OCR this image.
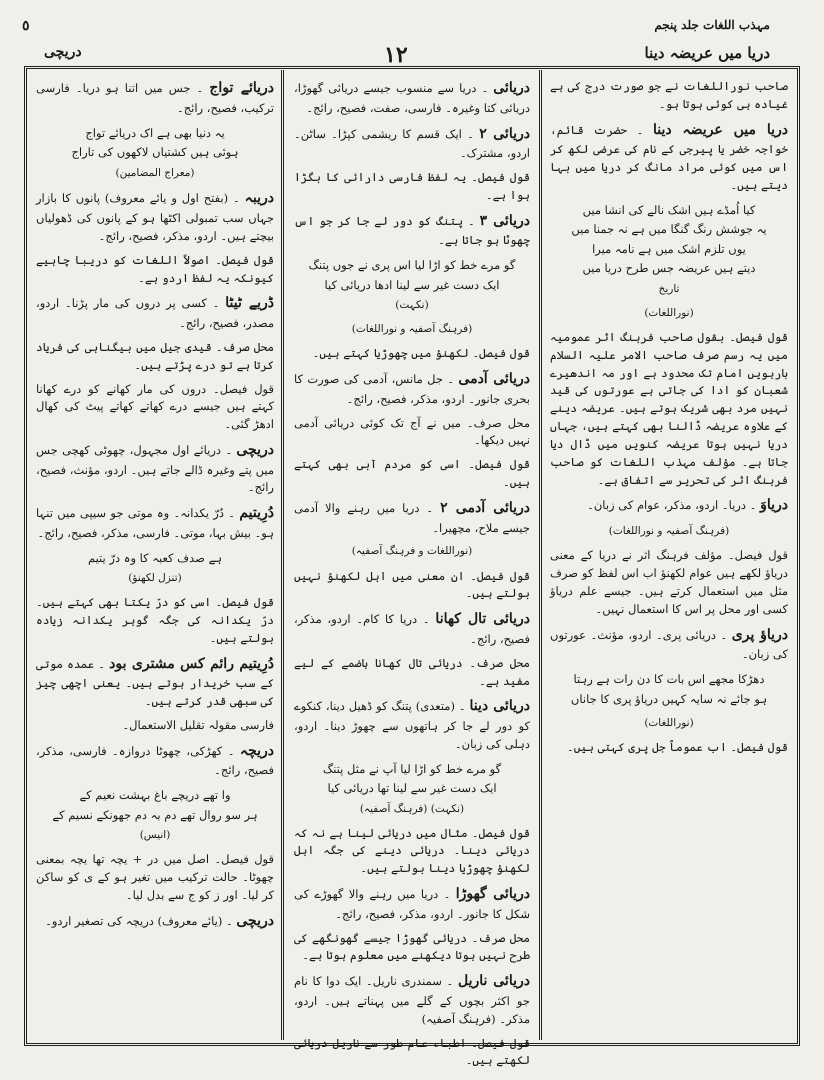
٥	مہذب اللغات جلد پنجم
١٢	دریا میں عریضہ دینا
دریچی

صاحب نوراللغات نے جو صورت درج کی ہے غیادہ ہی کوئی ہوتا ہو۔

دریا میں عریضہ دینا ۔ حضرت قائم، خواجہ خضر یا پیرجی کے نام کی عرضی لکھ کر اس میں کوئی مراد مانگ کر دریا میں بہا دیتے ہیں۔

کیا اُمڈے ہیں اشک نالے کی انشا میں
یہ جوشش رنگ گنگا میں ہے نہ جمنا میں
یوں تلزم اشک میں ہے نامہ میرا
دیتے ہیں عریضہ جس طرح دریا میں
تاریخ
(نوراللغات)

قول فیصل۔ بقول صاحب فرہنگ اثر عمومیہ میں یہ رسم صرف صاحب الامر علیہ السلام بارہویں امام تک محدود ہے اور مہ اندھیرے شعبان کو ادا کی جاتی ہے عورتوں کی قید نہیں مرد بھی شریک ہوتے ہیں۔ عریضہ دینے کے علاوہ عریضہ ڈالنا بھی کہتے ہیں، جہاں دریا نہیں ہوتا عریضہ کنویں میں ڈال دیا جاتا ہے۔ مؤلف مہذب اللغات کو صاحب فرہنگ اثر کی تحریر سے اتفاق ہے۔

دریاوَ ۔ دریا۔ اردو، مذکر، عوام کی زبان۔

(فرہنگ آصفیہ و نوراللغات)

قول فیصل۔ مؤلف فرہنگ اثر نے دریا کے معنی دریاؤ لکھے ہیں عوام لکھنؤ اب اس لفظ کو صرف مثل میں استعمال کرتے ہیں۔ جیسے علم دریاؤ کسی اور محل پر اس کا استعمال نہیں۔

دریاؤ پری ۔ دریائی پری۔ اردو، مؤنث۔ عورتوں کی زبان۔

دھڑکا مجھے اس بات کا دن رات ہے رہتا
ہو جائے نہ سایہ کہیں دریاؤ پری کا جاناں
(نوراللغات)

قول فیصل۔ اب عموماً جل پری کہتی ہیں۔

دریائی ۔ دریا سے منسوب جیسے دریائی گھوڑا، دریائی کتا وغیرہ۔ فارسی، صفت، فصیح، رائج۔

دریائی ٢ ۔ ایک قسم کا ریشمی کپڑا۔ ساٹن۔ اردو، مشترک۔

قول فیصل۔ یہ لفظ فارسی دارائی کا بگڑا ہوا ہے۔

دریائی ٣ ۔ پتنگ کو دور لے جا کر جو اس چھوٹا ہو جاتا ہے۔

گو مرے خط کو اڑا لیا اس پری نے جوں پتنگ
ایک دست غیر سے لینا ادھا دریائی کیا
(نکہت)
(فرہنگ آصفیہ و نوراللغات)

قول فیصل۔ لکھنؤ میں چھوڑیا کہتے ہیں۔

دریائی آدمی ۔ جل مانس، آدمی کی صورت کا بحری جانور۔ اردو، مذکر، فصیح، رائج۔

محل صرف۔ میں نے آج تک کوئی دریائی آدمی نہیں دیکھا۔

قول فیصل۔ اسی کو مردم آبی بھی کہتے ہیں۔

دریائی آدمی ٢ ۔ دریا میں رہنے والا آدمی جیسے ملاح، مچھیرا۔

(نوراللغات و فرہنگ آصفیہ)

قول فیصل۔ ان معنی میں اہل لکھنؤ نہیں بولتے ہیں۔

دریائی تال کھانا ۔ دریا کا کام۔ اردو، مذکر، فصیح، رائج۔

محل صرف۔ دریائی تال کھانا ہاضمے کے لیے مفید ہے۔

دریائی دینا ۔ (متعدی) پتنگ کو ڈھیل دینا، کنکوے کو دور لے جا کر ہاتھوں سے چھوڑ دینا۔ اردو، دہلی کی زبان۔

گو مرے خط کو اڑا لیا آپ نے مثل پتنگ
ایک دست غیر سے لینا تھا دریائی کیا
(نکہت) (فرہنگ آصفیہ)

قول فیصل۔ مثال میں دریائی لینا ہے نہ کہ دریائی دینا۔ دریائی دینے کی جگہ اہل لکھنؤ چھوڑیا دینا بولتے ہیں۔

دریائی گھوڑا ۔ دریا میں رہنے والا گھوڑے کی شکل کا جانور۔ اردو، مذکر، فصیح، رائج۔

محل صرف۔ دریائی گھوڑا جیسے گھونگھے کی طرح نہیں ہوتا دیکھنے میں معلوم ہوتا ہے۔

دریائی ناریل ۔ سمندری ناریل۔ ایک دوا کا نام جو اکثر بچوں کے گلے میں پہناتے ہیں۔ اردو، مذکر۔ (فرہنگ آصفیہ)

قول فیصل۔ اطباء عام طور سے ناریل دریائی لکھتے ہیں۔

دریائے تواج ۔ جس میں اتنا ہو دریا۔ فارسی ترکیب، فصیح، رائج۔

یہ دنیا بھی ہے اک دریائے تواج
ہوئی ہیں کشتیاں لاکھوں کی تاراج
(معراج المضامین)

دریبہ ۔ (بفتح اول و یائے معروف) پانوں کا بازار جہاں سب تمبولی اکٹھا ہو کے پانوں کی ڈھولیاں بیچتے ہیں۔ اردو، مذکر، فصیح، رائج۔

قول فیصل۔ اصولاً اللغات کو دریبا چاہیے کیونکہ یہ لفظ اردو ہے۔

ڈریے ٹیٹا ۔ کسی پر دروں کی مار پڑنا۔ اردو، مصدر، فصیح، رائج۔

محل صرف۔ قیدی جیل میں بیگناہی کی فریاد کرتا ہے تو درے پڑتے ہیں۔

قول فیصل۔ دروں کی مار کھانے کو درے کھانا کہتے ہیں جیسے درے کھاتے کھاتے پیٹ کی کھال ادھڑ گئی۔

دریچی ۔ دریائے اول مجہول، چھوٹی کھچی جس میں پتے وغیرہ ڈالے جاتے ہیں۔ اردو، مؤنث، فصیح، رائج۔

دُرِیتیم ۔ دُرّ یکدانہ۔ وہ موتی جو سیپی میں تنہا ہو۔ بیش بہا، موتی۔ فارسی، مذکر، فصیح، رائج۔

ہے صدف کعبہ کا وہ درّ یتیم
(تنزل لکھنؤ)

قول فیصل۔ اسی کو درّ یکتا بھی کہتے ہیں۔ درّ یکدانہ کی جگہ گوہر یکدانہ زیادہ بولتے ہیں۔

دُرِیتیم رائم کس مشتری بود ۔ عمدہ موتی کے سب خریدار ہوتے ہیں۔ یعنی اچھی چیز کی سبھی قدر کرتے ہیں۔

فارسی مقولہ تقلیل الاستعمال۔

دریچہ ۔ کھڑکی، چھوٹا دروازہ۔ فارسی، مذکر، فصیح، رائج۔

وا تھے دریچے باغ بہشت نعیم کے
ہر سو روال تھے دم بہ دم جھونکے نسیم کے
(انیس)

قول فیصل۔ اصل میں در + یچہ تھا یچہ بمعنی چھوٹا۔ حالت ترکیب میں تغیر ہو کے ی کو ساکن کر لیا۔ اور ز کو ج سے بدل لیا۔

دریچی ۔ (یائے معروف) دریچہ کی تصغیر اردو۔
